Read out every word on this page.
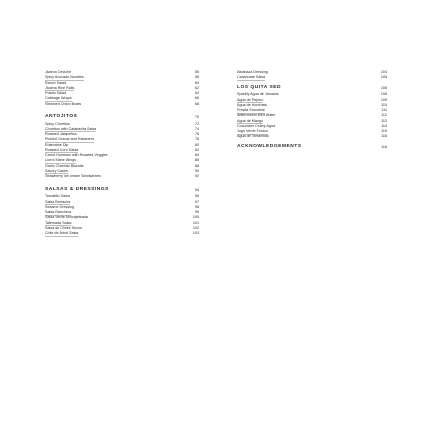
Jicama Ceviche	56
Spicy Avocado Noodles	58
Ranch Salad	60
Jicama Rice Rolls	62
Potato Salad	64
Cabbage Wraps	66
Steamed Onion Boats	68
ANTOJITOS	70
Spicy Churritos	72
Churritos with Calabacita Salsa	74
Roasted Jalapeños	76
Pickled Onions and Habanero	78
Edamame Dip	80
Roasted Corn Salad	82
Carrot Hummus with Roasted Veggies	84
Lion's Mane Wings	86
Garlic Cheddar Biscuits	88
Savory Cakes	90
Strawberry Ice cream Sandwiches	92
SALSAS & DRESSINGS	94
Tomatillo Salsa	96
Salsa Borracha	97
Sesame Dressing	98
Salsa Ranchera	99
Salsa Verde Molcajeteada	100
Tatemada Salsa	101
Salsa de Chiles Secos	102
Chile de Árbol Salsa	103
Albahaca Dressing	104
Cacahuate Salsa	105
LOS QUITA SED	106
Sparkly Agua de Jamaica	108
Agua de Pepino	109
Agua de Horchata	110
Fresita Smoothie	111
Watermelon Mint Water	112
Agua de Mango	113
Cucumber Celery Agua	114
Jugo Verde Fusion	115
Agua de Tamarindo	116
ACKNOWLEDGEMENTS	118
